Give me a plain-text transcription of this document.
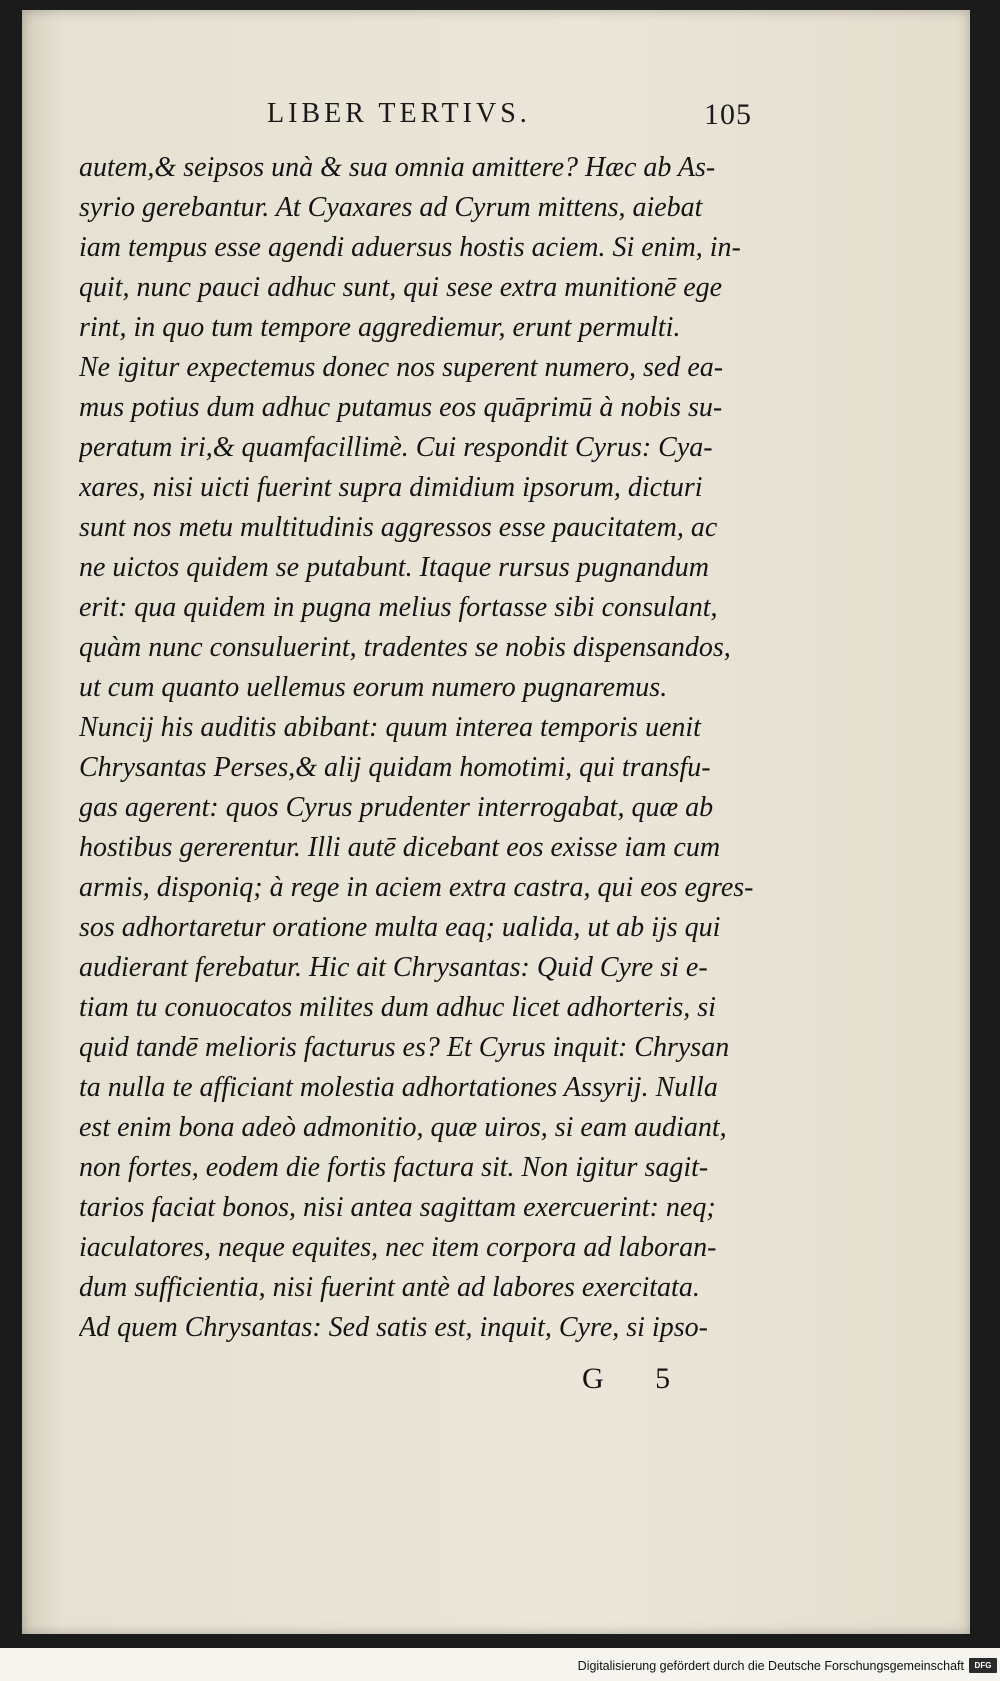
LIBER TERTIVS.	105
autem,& seipsos unà & sua omnia amittere? Hæc ab As-
syrio gerebantur. At Cyaxares ad Cyrum mittens, aiebat
iam tempus esse agendi aduersus hostis aciem. Si enim, in-
quit, nunc pauci adhuc sunt, qui sese extra munitionē ege
rint, in quo tum tempore aggrediemur, erunt permulti.
Ne igitur expectemus donec nos superent numero, sed ea-
mus potius dum adhuc putamus eos quāprimū à nobis su-
peratum iri,& quamfacillimè. Cui respondit Cyrus: Cya-
xares, nisi uicti fuerint supra dimidium ipsorum, dicturi
sunt nos metu multitudinis aggressos esse paucitatem, ac
ne uictos quidem se putabunt. Itaque rursus pugnandum
erit: qua quidem in pugna melius fortasse sibi consulant,
quàm nunc consuluerint, tradentes se nobis dispensandos,
ut cum quanto uellemus eorum numero pugnaremus.
Nuncij his auditis abibant: quum interea temporis uenit
Chrysantas Perses,& alij quidam homotimi, qui transfu-
gas agerent: quos Cyrus prudenter interrogabat, quæ ab
hostibus gererentur. Illi autē dicebant eos exisse iam cum
armis, disponiq; à rege in aciem extra castra, qui eos egres-
sos adhortaretur oratione multa eaq; ualida, ut ab ijs qui
audierant ferebatur. Hic ait Chrysantas: Quid Cyre si e-
tiam tu conuocatos milites dum adhuc licet adhorteris, si
quid tandē melioris facturus es? Et Cyrus inquit: Chrysan
ta nulla te afficiant molestia adhortationes Assyrij. Nulla
est enim bona adeò admonitio, quæ uiros, si eam audiant,
non fortes, eodem die fortis factura sit. Non igitur sagit-
tarios faciat bonos, nisi antea sagittam exercuerint: neq;
iaculatores, neque equites, nec item corpora ad laboran-
dum sufficientia, nisi fuerint antè ad labores exercitata.
Ad quem Chrysantas: Sed satis est, inquit, Cyre, si ipso-
G 5
Digitalisierung gefördert durch die Deutsche Forschungsgemeinschaft	DFG
